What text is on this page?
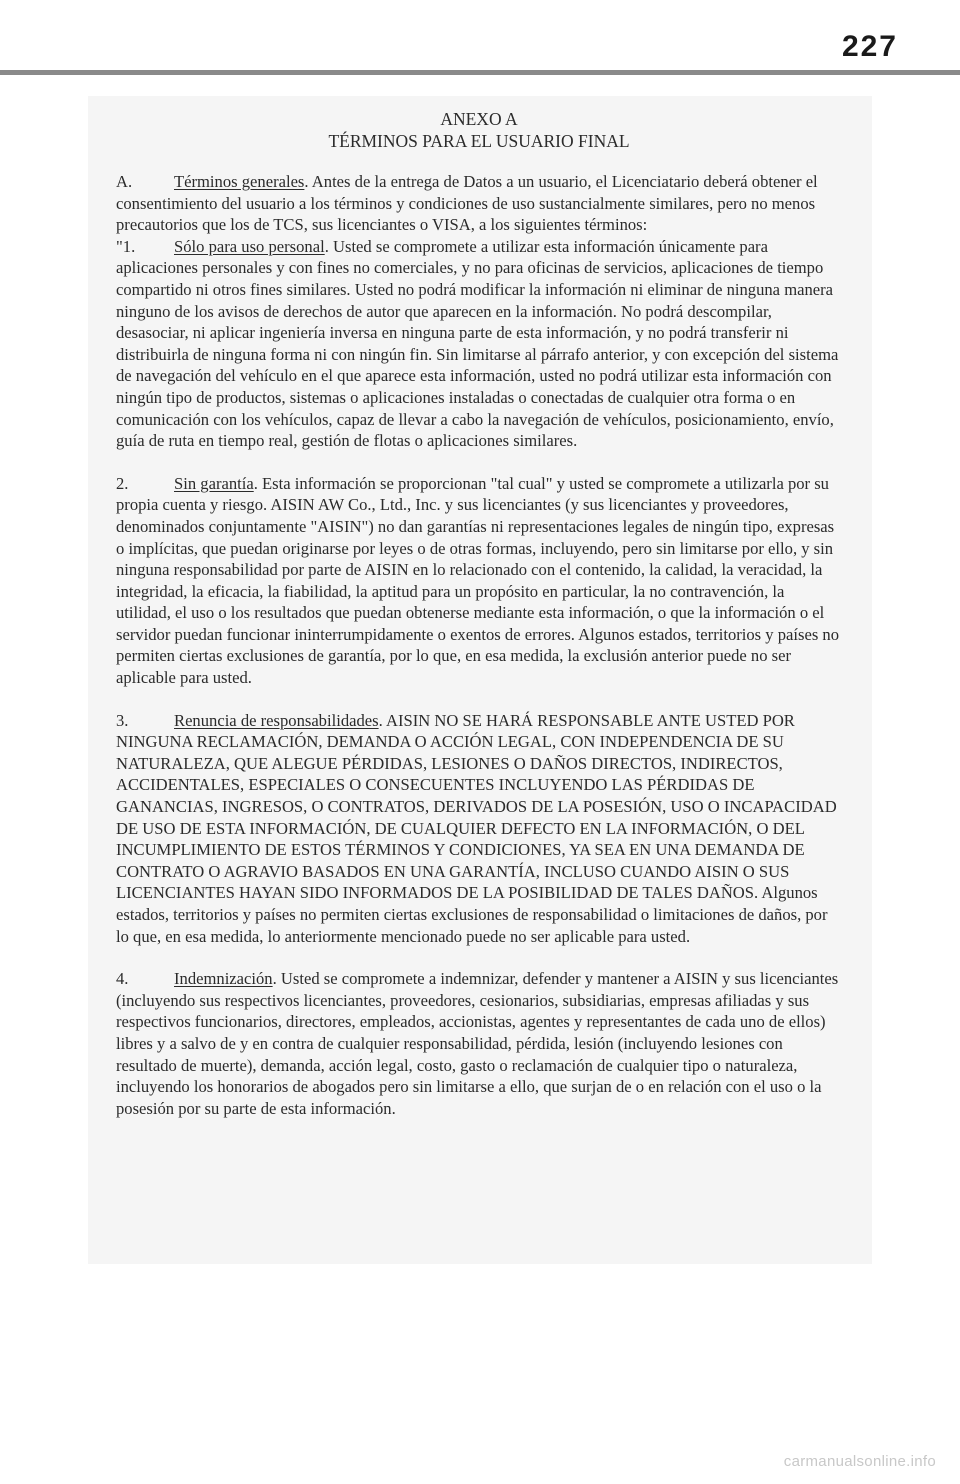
227

ANEXO A

TÉRMINOS PARA EL USUARIO FINAL

A.	Términos generales. Antes de la entrega de Datos a un usuario, el Licenciatario deberá obtener el consentimiento del usuario a los términos y condiciones de uso sustancialmente similares, pero no menos precautorios que los de TCS, sus licenciantes o VISA, a los siguientes términos:

"1. Sólo para uso personal. Usted se compromete a utilizar esta información únicamente para aplicaciones personales y con fines no comerciales, y no para oficinas de servicios, aplicaciones de tiempo compartido ni otros fines similares. Usted no podrá modificar la información ni eliminar de ninguna manera ninguno de los avisos de derechos de autor que aparecen en la información. No podrá descompilar, desasociar, ni aplicar ingeniería inversa en ninguna parte de esta información, y no podrá transferir ni distribuirla de ninguna forma ni con ningún fin. Sin limitarse al párrafo anterior, y con excepción del sistema de navegación del vehículo en el que aparece esta información, usted no podrá utilizar esta información con ningún tipo de productos, sistemas o aplicaciones instaladas o conectadas de cualquier otra forma o en comunicación con los vehículos, capaz de llevar a cabo la navegación de vehículos, posicionamiento, envío, guía de ruta en tiempo real, gestión de flotas o aplicaciones similares.

2.	Sin garantía. Esta información se proporcionan "tal cual" y usted se compromete a utilizarla por su propia cuenta y riesgo. AISIN AW Co., Ltd., Inc. y sus licenciantes (y sus licenciantes y proveedores, denominados conjuntamente "AISIN") no dan garantías ni representaciones legales de ningún tipo, expresas o implícitas, que puedan originarse por leyes o de otras formas, incluyendo, pero sin limitarse por ello, y sin ninguna responsabilidad por parte de AISIN en lo relacionado con el contenido, la calidad, la veracidad, la integridad, la eficacia, la fiabilidad, la aptitud para un propósito en particular, la no contravención, la utilidad, el uso o los resultados que puedan obtenerse mediante esta información, o que la información o el servidor puedan funcionar ininterrumpidamente o exentos de errores. Algunos estados, territorios y países no permiten ciertas exclusiones de garantía, por lo que, en esa medida, la exclusión anterior puede no ser aplicable para usted.

3.	Renuncia de responsabilidades. AISIN NO SE HARÁ RESPONSABLE ANTE USTED POR NINGUNA RECLAMACIÓN, DEMANDA O ACCIÓN LEGAL, CON INDEPENDENCIA DE SU NATURALEZA, QUE ALEGUE PÉRDIDAS, LESIONES O DAÑOS DIRECTOS, INDIRECTOS, ACCIDENTALES, ESPECIALES O CONSECUENTES INCLUYENDO LAS PÉRDIDAS DE GANANCIAS, INGRESOS, O CONTRATOS, DERIVADOS DE LA POSESIÓN, USO O INCAPACIDAD DE USO DE ESTA INFORMACIÓN, DE CUALQUIER DEFECTO EN LA INFORMACIÓN, O DEL INCUMPLIMIENTO DE ESTOS TÉRMINOS Y CONDICIONES, YA SEA EN UNA DEMANDA DE CONTRATO O AGRAVIO BASADOS EN UNA GARANTÍA, INCLUSO CUANDO AISIN O SUS LICENCIANTES HAYAN SIDO INFORMADOS DE LA POSIBILIDAD DE TALES DAÑOS. Algunos estados, territorios y países no permiten ciertas exclusiones de responsabilidad o limitaciones de daños, por lo que, en esa medida, lo anteriormente mencionado puede no ser aplicable para usted.

4.	Indemnización. Usted se compromete a indemnizar, defender y mantener a AISIN y sus licenciantes (incluyendo sus respectivos licenciantes, proveedores, cesionarios, subsidiarias, empresas afiliadas y sus respectivos funcionarios, directores, empleados, accionistas, agentes y representantes de cada uno de ellos) libres y a salvo de y en contra de cualquier responsabilidad, pérdida, lesión (incluyendo lesiones con resultado de muerte), demanda, acción legal, costo, gasto o reclamación de cualquier tipo o naturaleza, incluyendo los honorarios de abogados pero sin limitarse a ello, que surjan de o en relación con el uso o la posesión por su parte de esta información.

carmanualsonline.info
